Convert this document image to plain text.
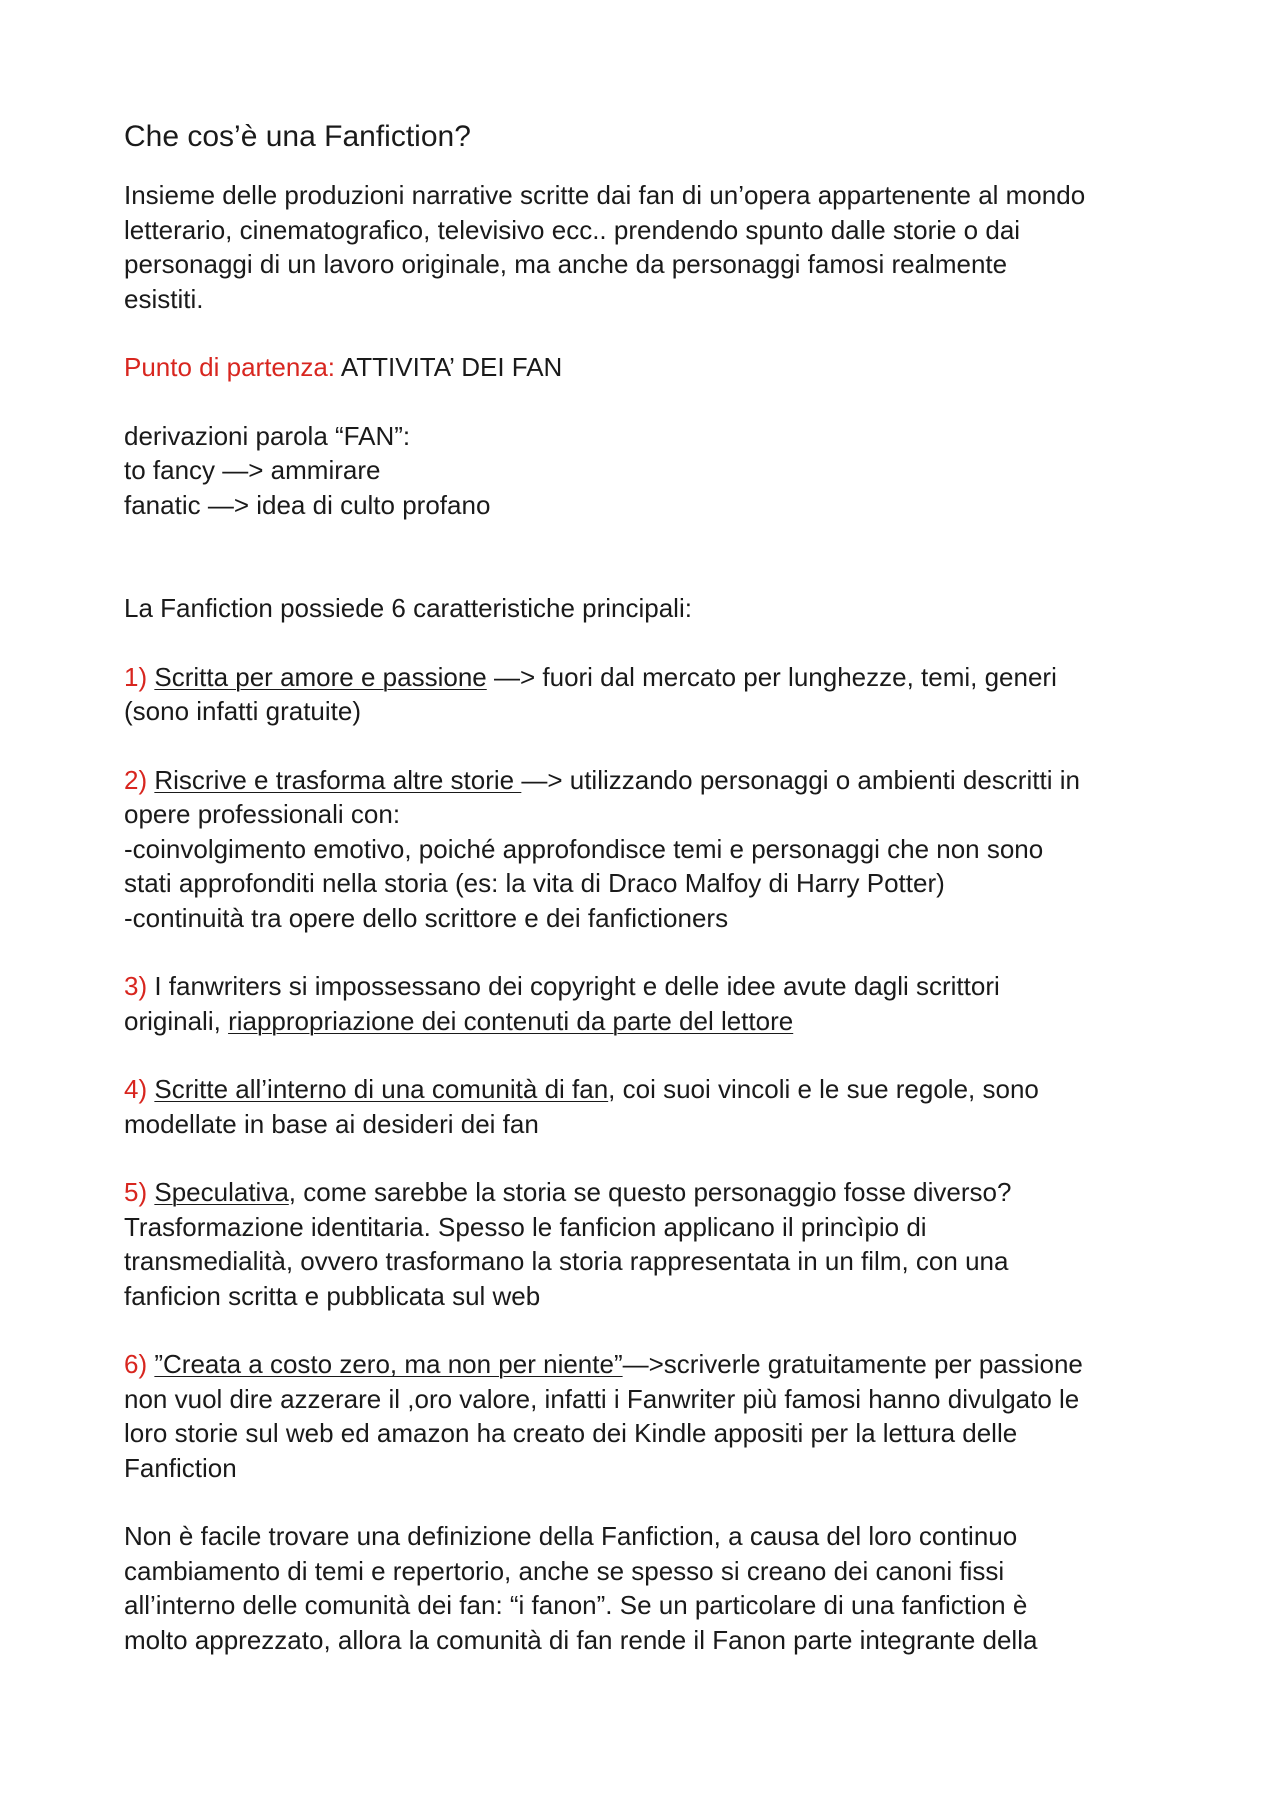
Che cos’è una Fanfiction?

Insieme delle produzioni narrative scritte dai fan di un’opera appartenente al mondo

letterario, cinematografico, televisivo ecc.. prendendo spunto dalle storie o dai

personaggi di un lavoro originale, ma anche da personaggi famosi realmente

esistiti.

Punto di partenza: ATTIVITA’ DEI FAN

derivazioni parola “FAN”:

to fancy —> ammirare

fanatic —> idea di culto profano

La Fanfiction possiede 6 caratteristiche principali:

1) Scritta per amore e passione —> fuori dal mercato per lunghezze, temi, generi

(sono infatti gratuite)

2) Riscrive e trasforma altre storie —> utilizzando personaggi o ambienti descritti in

opere professionali con:

-coinvolgimento emotivo, poiché approfondisce temi e personaggi che non sono

stati approfonditi nella storia (es: la vita di Draco Malfoy di Harry Potter)

-continuità tra opere dello scrittore e dei fanfictioners

3) I fanwriters si impossessano dei copyright e delle idee avute dagli scrittori

originali, riappropriazione dei contenuti da parte del lettore

4) Scritte all’interno di una comunità di fan, coi suoi vincoli e le sue regole, sono

modellate in base ai desideri dei fan

5) Speculativa, come sarebbe la storia se questo personaggio fosse diverso?

Trasformazione identitaria. Spesso le fanficion applicano il princìpio di

transmedialità, ovvero trasformano la storia rappresentata in un film, con una

fanficion scritta e pubblicata sul web

6) ”Creata a costo zero, ma non per niente”—>scriverle gratuitamente per passione

non vuol dire azzerare il ,oro valore, infatti i Fanwriter più famosi hanno divulgato le

loro storie sul web ed amazon ha creato dei Kindle appositi per la lettura delle

Fanfiction

Non è facile trovare una definizione della Fanfiction, a causa del loro continuo

cambiamento di temi e repertorio, anche se spesso si creano dei canoni fissi

all’interno delle comunità dei fan: “i fanon”. Se un particolare di una fanfiction è

molto apprezzato, allora la comunità di fan rende il Fanon parte integrante della
